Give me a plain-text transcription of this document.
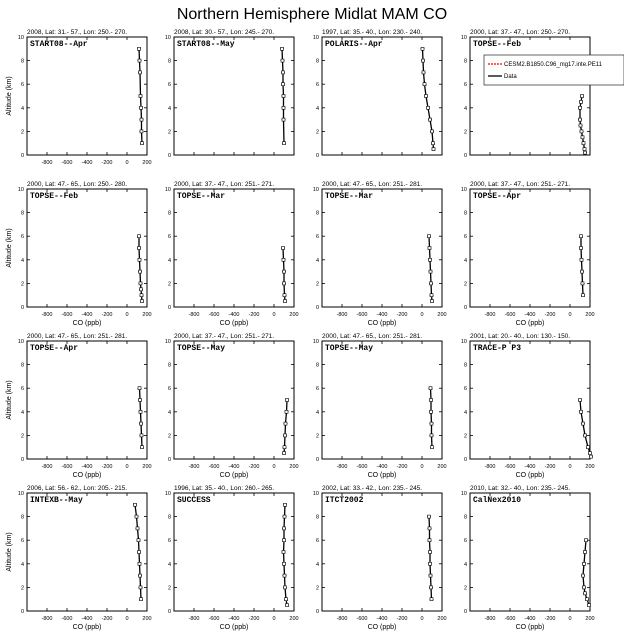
Northern Hemisphere Midlat MAM CO
2008, Lat: 31.- 57., Lon: 250.- 270.
START08--Apr
-800 -600 -400 -200 0	200
0
2
4
6
8
10
Altitude (km)
2008, Lat: 30.- 57., Lon: 245.- 270.
START08--May
0
2
4
6
8
10
1997, Lat: 35.- 40., Lon: 230.- 240.
POLARIS--Apr
0
2
4
6
8
10
2000, Lat: 37.- 47., Lon: 250.- 270.
TOPSE--Feb
0
2
4
6
8
10
CESM2.B1850.C96_mg17.inte.PE11
Data
2000, Lat: 47.- 65., Lon: 250.- 280.
TOPSE--Feb
-800 -600 -400 -200 0	200
0
2
4
6
8
10
CO (ppb)
Altitude (km)
2000, Lat: 37.- 47., Lon: 251.- 271.
TOPSE--Mar
-800 -600 -400 -200 0	200
0
2
4
6
8
10
CO (ppb)
2000, Lat: 47.- 65., Lon: 251.- 281.
TOPSE--Mar
-800 -600 -400 -200 0	200
0
2
4
6
8
10
CO (ppb)
2000, Lat: 37.- 47., Lon: 251.- 271.
TOPSE--Apr
-800 -600 -400 -200 0	200
0
2
4
6
8
10
CO (ppb)
2000, Lat: 47.- 65., Lon: 251.- 281.
TOPSE--Apr
-800 -600 -400 -200 0	200
0
2
4
6
8
10
CO (ppb)
Altitude (km)
2000, Lat: 37.- 47., Lon: 251.- 271.
TOPSE--May
-800 -600 -400 -200 0	200
0
2
4
6
8
10
CO (ppb)
2000, Lat: 47.- 65., Lon: 251.- 281.
TOPSE--May
-800 -600 -400 -200 0	200
0
2
4
6
8
10
CO (ppb)
2001, Lat: 20.- 40., Lon: 130.- 150.
TRACE-P P3
-800 -600 -400 -200 0	200
0
2
4
6
8
10
CO (ppb)
2006, Lat: 56.- 62., Lon: 205.- 215.
INTEXB--May
-800 -600 -400 -200 0	200
0
2
4
6
8
10
CO (ppb)
Altitude (km)
1996, Lat: 35.- 40., Lon: 260.- 265.
SUCCESS
-800 -600 -400 -200 0	200
0
2
4
6
8
10
CO (ppb)
2002, Lat: 33.- 42., Lon: 235.- 245.
ITCT2002
-800 -600 -400 -200 0	200
0
2
4
6
8
10
CO (ppb)
2010, Lat: 32.- 40., Lon: 235.- 245.
CalNex2010
-800 -600 -400 -200 0	200
0
2
4
6
8
10
CO (ppb)
